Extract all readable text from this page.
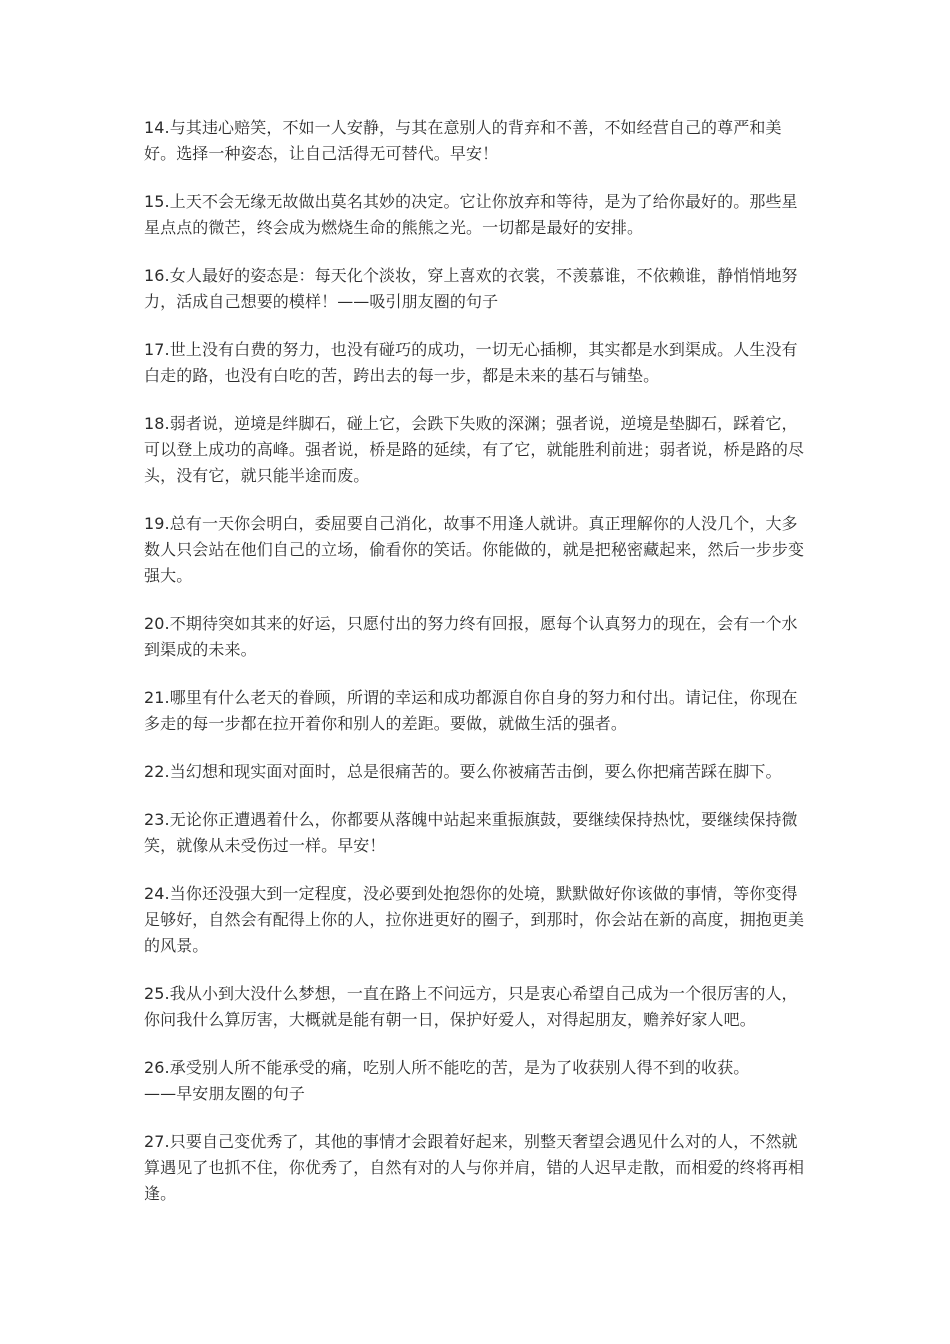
14.与其违心赔笑，不如一人安静，与其在意别人的背弃和不善，不如经营自己的尊严和美好。选择一种姿态，让自己活得无可替代。早安！

15.上天不会无缘无故做出莫名其妙的决定。它让你放弃和等待，是为了给你最好的。那些星星点点的微芒，终会成为燃烧生命的熊熊之光。一切都是最好的安排。

16.女人最好的姿态是：每天化个淡妆，穿上喜欢的衣裳，不羡慕谁，不依赖谁，静悄悄地努力，活成自己想要的模样！——吸引朋友圈的句子

17.世上没有白费的努力，也没有碰巧的成功，一切无心插柳，其实都是水到渠成。人生没有白走的路，也没有白吃的苦，跨出去的每一步，都是未来的基石与铺垫。

18.弱者说，逆境是绊脚石，碰上它，会跌下失败的深渊；强者说，逆境是垫脚石，踩着它，可以登上成功的高峰。强者说，桥是路的延续，有了它，就能胜利前进；弱者说，桥是路的尽头，没有它，就只能半途而废。

19.总有一天你会明白，委屈要自己消化，故事不用逢人就讲。真正理解你的人没几个，大多数人只会站在他们自己的立场，偷看你的笑话。你能做的，就是把秘密藏起来，然后一步步变强大。

20.不期待突如其来的好运，只愿付出的努力终有回报，愿每个认真努力的现在，会有一个水到渠成的未来。

21.哪里有什么老天的眷顾，所谓的幸运和成功都源自你自身的努力和付出。请记住，你现在多走的每一步都在拉开着你和别人的差距。要做，就做生活的强者。

22.当幻想和现实面对面时，总是很痛苦的。要么你被痛苦击倒，要么你把痛苦踩在脚下。

23.无论你正遭遇着什么，你都要从落魄中站起来重振旗鼓，要继续保持热忱，要继续保持微笑，就像从未受伤过一样。早安！

24.当你还没强大到一定程度，没必要到处抱怨你的处境，默默做好你该做的事情，等你变得足够好，自然会有配得上你的人，拉你进更好的圈子，到那时，你会站在新的高度，拥抱更美的风景。

25.我从小到大没什么梦想，一直在路上不问远方，只是衷心希望自己成为一个很厉害的人，你问我什么算厉害，大概就是能有朝一日，保护好爱人，对得起朋友，赡养好家人吧。

26.承受别人所不能承受的痛，吃别人所不能吃的苦，是为了收获别人得不到的收获。
——早安朋友圈的句子

27.只要自己变优秀了，其他的事情才会跟着好起来，别整天奢望会遇见什么对的人，不然就算遇见了也抓不住，你优秀了，自然有对的人与你并肩，错的人迟早走散，而相爱的终将再相逢。
